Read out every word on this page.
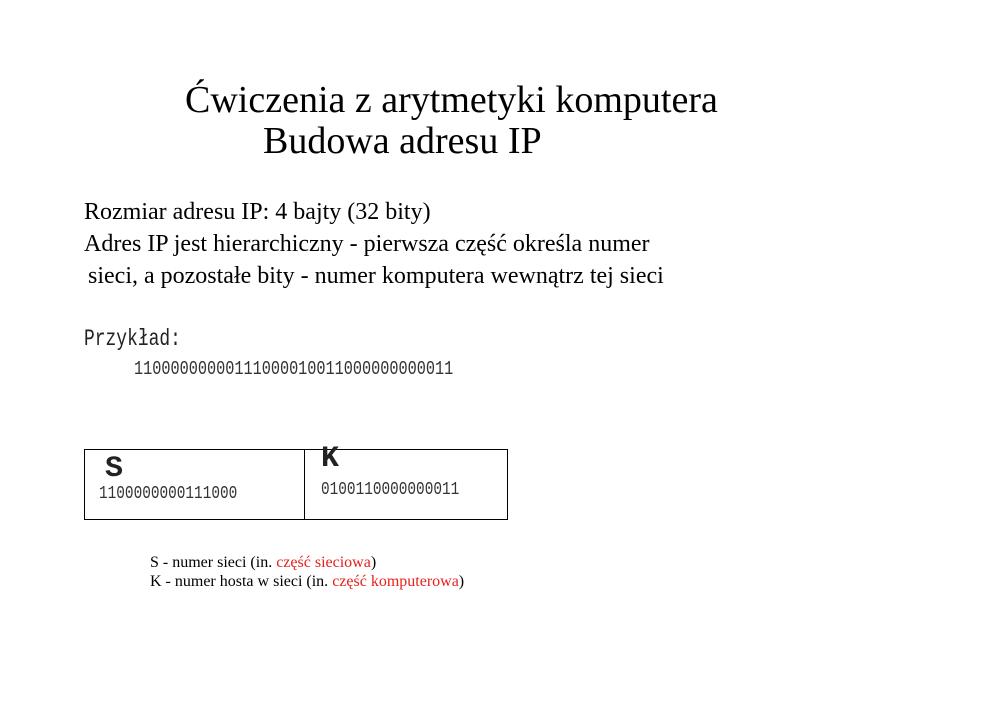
Ćwiczenia z arytmetyki komputera
Budowa adresu IP
Rozmiar adresu IP: 4 bajty (32 bity)
Adres IP jest hierarchiczny - pierwsza część określa numer
sieci, a pozostałe bity - numer komputera wewnątrz tej sieci
Przykład:
11000000000111000010011000000000011
S
1100000000111000
K
0100110000000011
S - numer sieci (in. część sieciowa)
K - numer hosta w sieci (in. część komputerowa)
